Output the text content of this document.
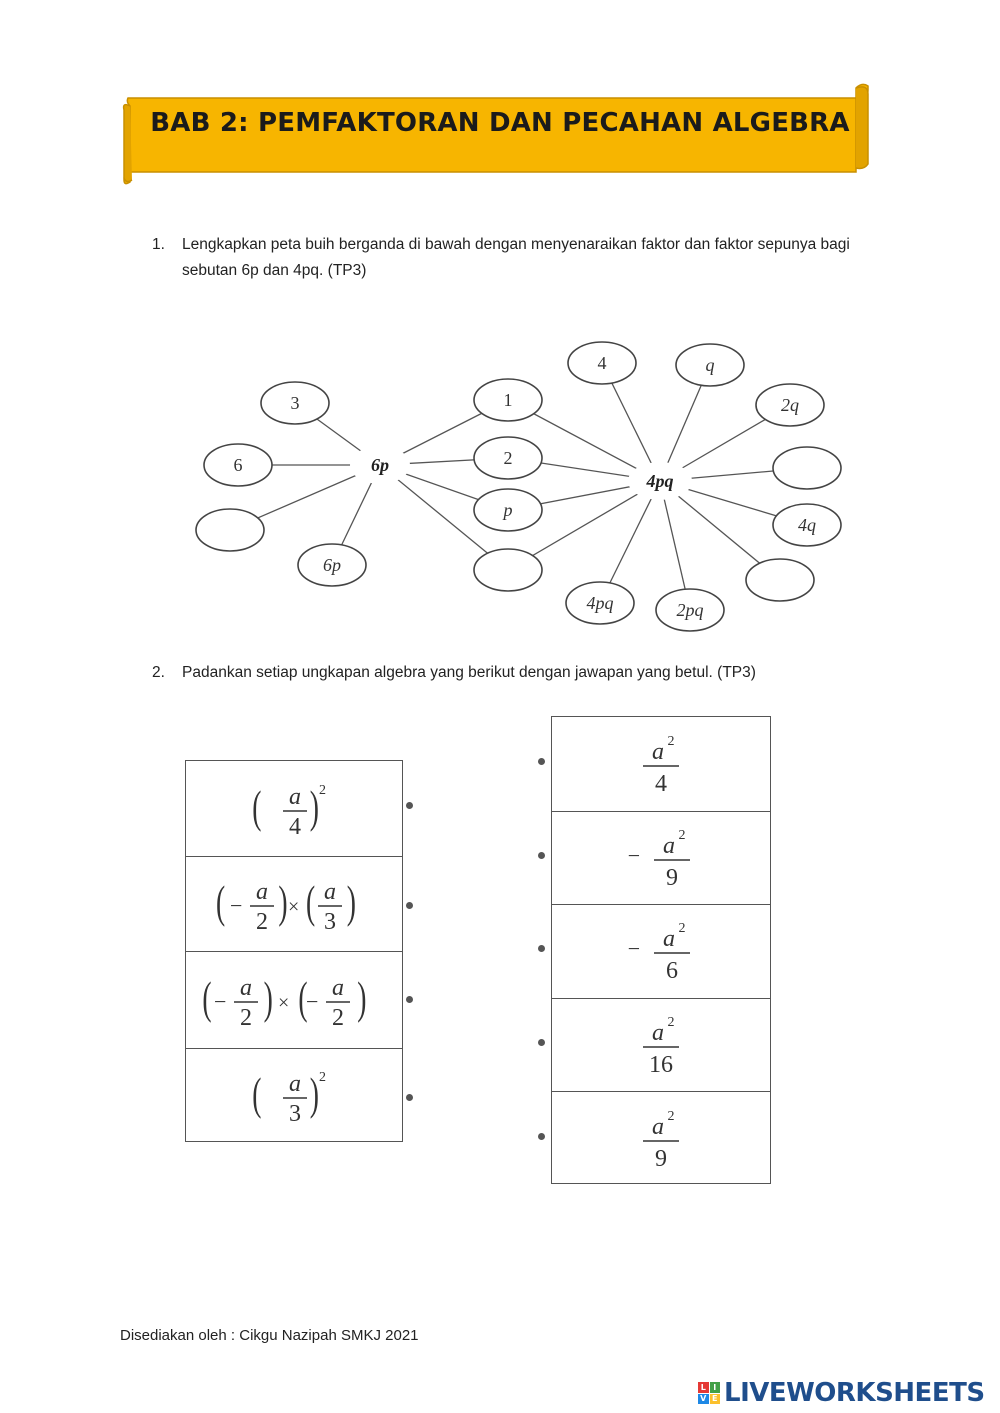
BAB 2: PEMFAKTORAN DAN PECAHAN ALGEBRA
1. Lengkapkan peta buih berganda di bawah dengan menyenaraikan faktor dan faktor sepunya bagi sebutan 6p dan 4pq. (TP3)
3
6
6p
1
2
p
4	q
2q
4q
2pq
4pq
6p
4pq
2. Padankan setiap ungkapan algebra yang berikut dengan jawapan yang betul. (TP3)
( a
4 ) 2
( −
a
2 ) × ( a
3 )
( −
a
2 ) × (
−
a
2 )
( a
3 ) 2
a 2
4
− a 2
9
− a 2
6
a 2
16
a 2
9
Disediakan oleh : Cikgu Nazipah SMKJ 2021
L I
V E LIVEWORKSHEETS
